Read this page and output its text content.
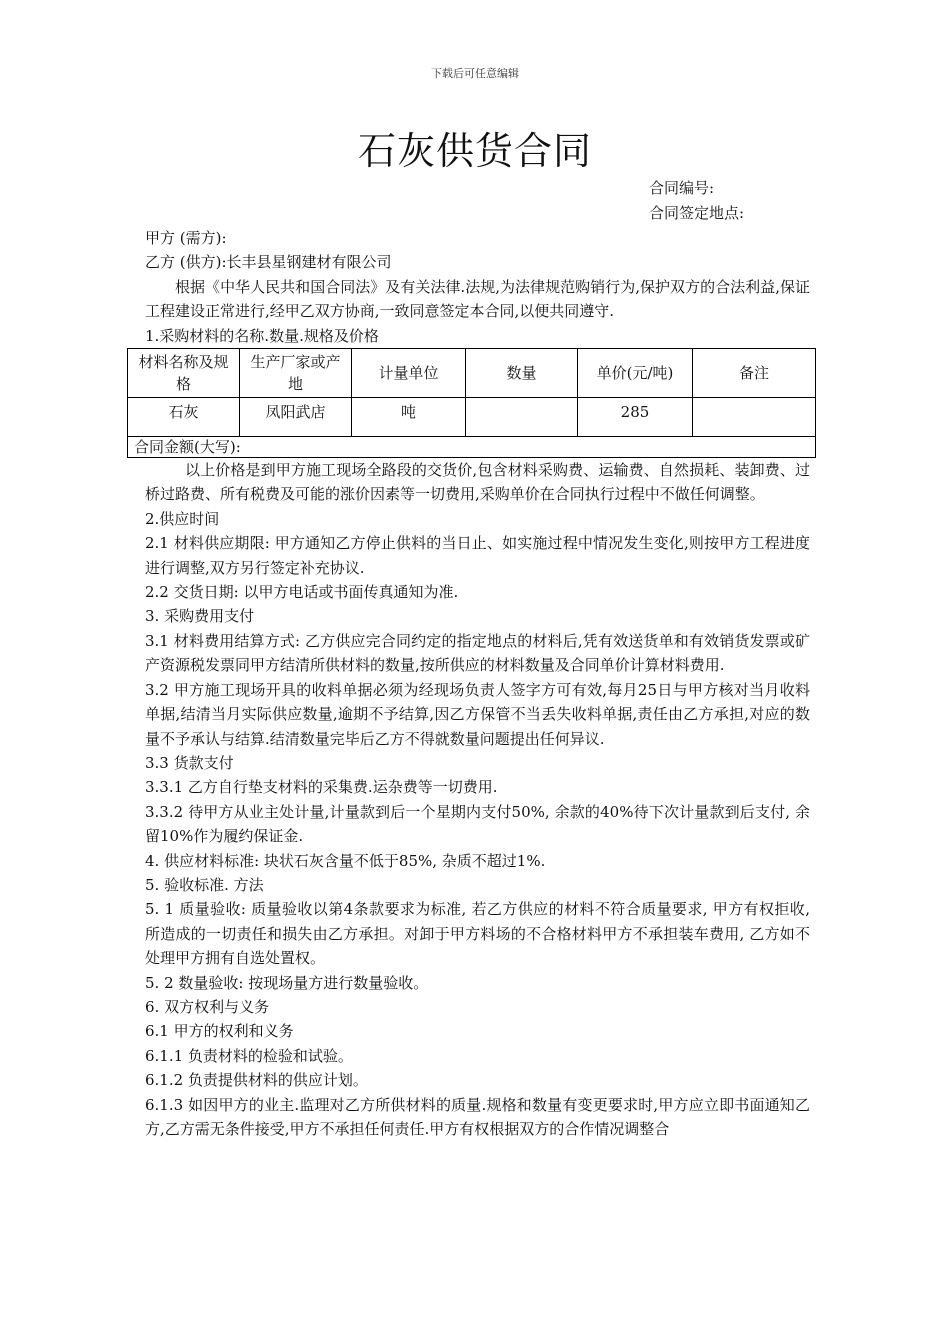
下载后可任意编辑
石灰供货合同
合同编号:
合同签定地点:

甲方 (需方):

乙方 (供方):长丰县星钢建材有限公司

根据《中华人民共和国合同法》及有关法律.法规,为法律规范购销行为,保护双方的合法利益,保证工程建设正常进行,经甲乙双方协商,一致同意签定本合同,以便共同遵守.

1.采购材料的名称.数量.规格及价格

材料名称及规格	生产厂家或产地	计量单位	数量	单价(元/吨)	备注
石灰	凤阳武店	吨		285	
合同金额(大写):					

以上价格是到甲方施工现场全路段的交货价,包含材料采购费、运输费、自然损耗、装卸费、过桥过路费、所有税费及可能的涨价因素等一切费用,采购单价在合同执行过程中不做任何调整。

2.供应时间

2.1 材料供应期限: 甲方通知乙方停止供料的当日止、如实施过程中情况发生变化,则按甲方工程进度进行调整,双方另行签定补充协议.

2.2 交货日期: 以甲方电话或书面传真通知为准.

3. 采购费用支付

3.1 材料费用结算方式: 乙方供应完合同约定的指定地点的材料后,凭有效送货单和有效销货发票或矿产资源税发票同甲方结清所供材料的数量,按所供应的材料数量及合同单价计算材料费用.

3.2 甲方施工现场开具的收料单据必须为经现场负责人签字方可有效,每月25日与甲方核对当月收料单据,结清当月实际供应数量,逾期不予结算,因乙方保管不当丢失收料单据,责任由乙方承担,对应的数量不予承认与结算.结清数量完毕后乙方不得就数量问题提出任何异议.

3.3 货款支付

3.3.1 乙方自行垫支材料的采集费.运杂费等一切费用.

3.3.2 待甲方从业主处计量,计量款到后一个星期内支付50%, 余款的40%待下次计量款到后支付, 余留10%作为履约保证金.

4. 供应材料标准: 块状石灰含量不低于85%, 杂质不超过1%.

5. 验收标准. 方法

5. 1 质量验收: 质量验收以第4条款要求为标准, 若乙方供应的材料不符合质量要求, 甲方有权拒收, 所造成的一切责任和损失由乙方承担。对卸于甲方料场的不合格材料甲方不承担装车费用, 乙方如不处理甲方拥有自选处置权。

5. 2 数量验收: 按现场量方进行数量验收。

6. 双方权利与义务

6.1 甲方的权利和义务

6.1.1 负责材料的检验和试验。

6.1.2 负责提供材料的供应计划。

6.1.3 如因甲方的业主.监理对乙方所供材料的质量.规格和数量有变更要求时,甲方应立即书面通知乙方,乙方需无条件接受,甲方不承担任何责任.甲方有权根据双方的合作情况调整合
